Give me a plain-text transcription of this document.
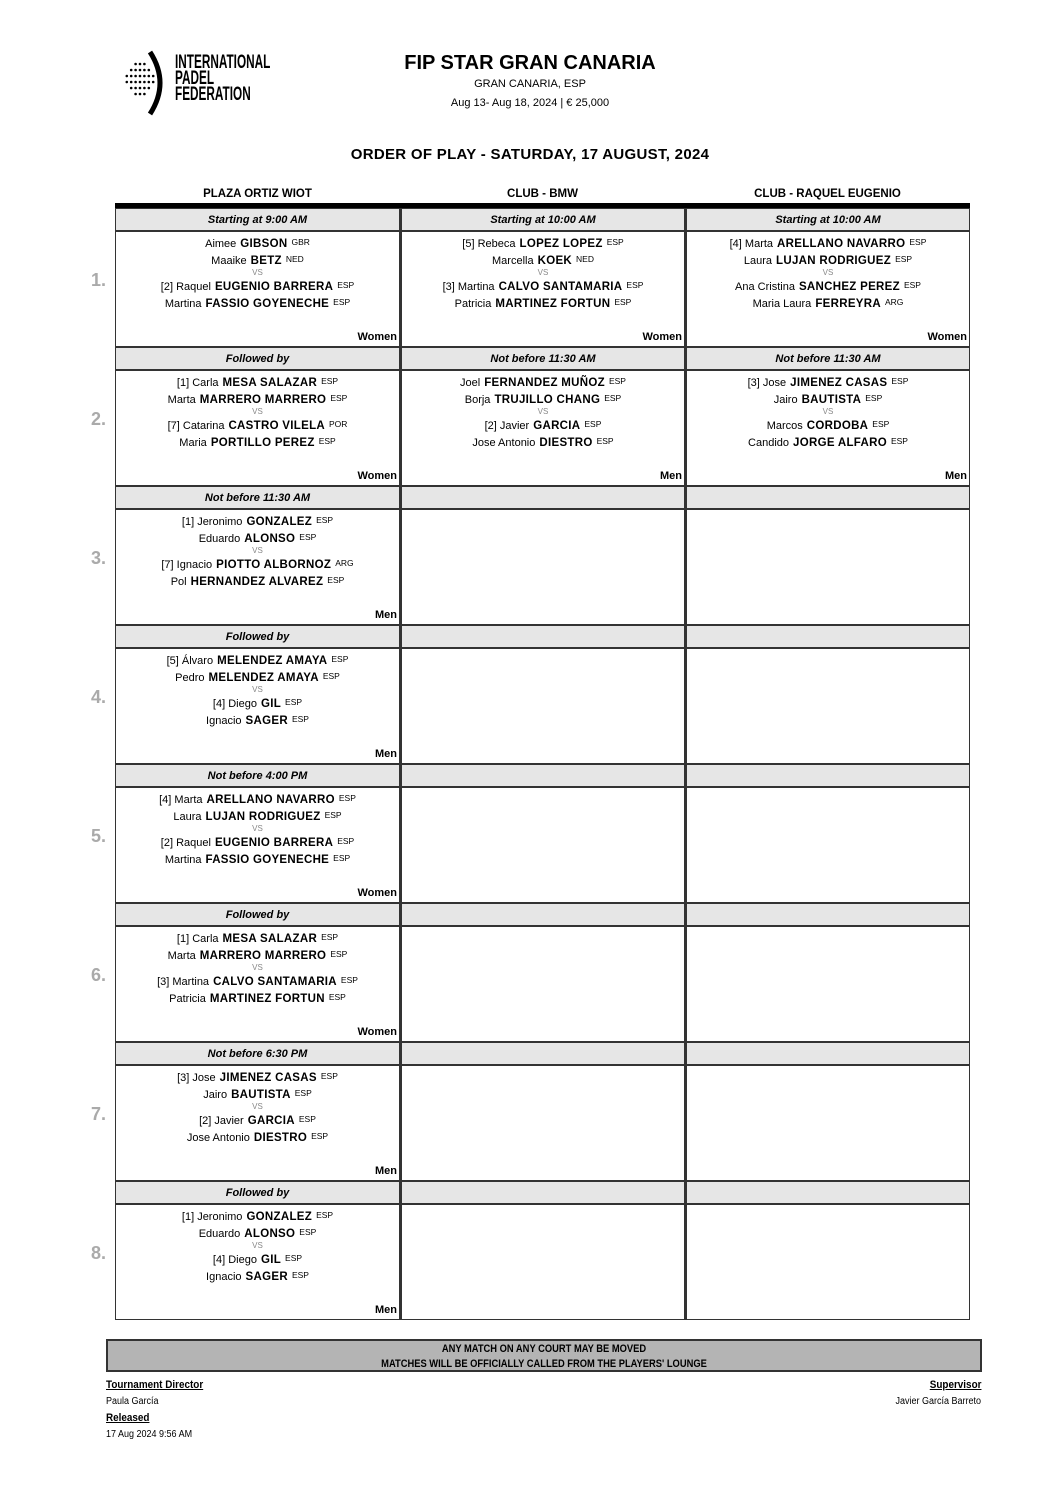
INTERNATIONAL
PADEL
FEDERATION
FIP STAR GRAN CANARIA
GRAN CANARIA, ESP
Aug 13- Aug 18, 2024 | € 25,000
ORDER OF PLAY - SATURDAY, 17 AUGUST, 2024
PLAZA ORTIZ WIOT	CLUB - BMW	CLUB - RAQUEL EUGENIO
1.
Starting at 9:00 AM
Aimee GIBSON GBR
Maaike BETZ NED
[2] Raquel EUGENIO BARRERA ESP
Martina FASSIO GOYENECHE ESP
VS
Women
Starting at 10:00 AM
[5] Rebeca LOPEZ LOPEZ ESP
Marcella KOEK NED
[3] Martina CALVO SANTAMARIA ESP
Patricia MARTINEZ FORTUN ESP
VS
Women
Starting at 10:00 AM
[4] Marta ARELLANO NAVARRO ESP
Laura LUJAN RODRIGUEZ ESP
Ana Cristina SANCHEZ PEREZ ESP
Maria Laura FERREYRA ARG
VS
Women
2.
Followed by
[1] Carla MESA SALAZAR ESP
Marta MARRERO MARRERO ESP
[7] Catarina CASTRO VILELA POR
Maria PORTILLO PEREZ ESP
VS
Women
Not before 11:30 AM
Joel FERNANDEZ MUÑOZ ESP
Borja TRUJILLO CHANG ESP
[2] Javier GARCIA ESP
Jose Antonio DIESTRO ESP
VS
Men
Not before 11:30 AM
[3] Jose JIMENEZ CASAS ESP
Jairo BAUTISTA ESP
Marcos CORDOBA ESP
Candido JORGE ALFARO ESP
VS
Men
3.
Not before 11:30 AM
[1] Jeronimo GONZALEZ ESP
Eduardo ALONSO ESP
[7] Ignacio PIOTTO ALBORNOZ ARG
Pol HERNANDEZ ALVAREZ ESP
VS
Men
4.
Followed by
[5] Álvaro MELENDEZ AMAYA ESP
Pedro MELENDEZ AMAYA ESP
[4] Diego GIL ESP
Ignacio SAGER ESP
VS
Men
5.
Not before 4:00 PM
[4] Marta ARELLANO NAVARRO ESP
Laura LUJAN RODRIGUEZ ESP
[2] Raquel EUGENIO BARRERA ESP
Martina FASSIO GOYENECHE ESP
VS
Women
6.
Followed by
[1] Carla MESA SALAZAR ESP
Marta MARRERO MARRERO ESP
[3] Martina CALVO SANTAMARIA ESP
Patricia MARTINEZ FORTUN ESP
VS
Women
7.
Not before 6:30 PM
[3] Jose JIMENEZ CASAS ESP
Jairo BAUTISTA ESP
[2] Javier GARCIA ESP
Jose Antonio DIESTRO ESP
VS
Men
8.
Followed by
[1] Jeronimo GONZALEZ ESP
Eduardo ALONSO ESP
[4] Diego GIL ESP
Ignacio SAGER ESP
VS
Men
ANY MATCH ON ANY COURT MAY BE MOVED
MATCHES WILL BE OFFICIALLY CALLED FROM THE PLAYERS' LOUNGE
Tournament Director
Paula García
Released
17 Aug 2024 9:56 AM
Supervisor
Javier García Barreto
